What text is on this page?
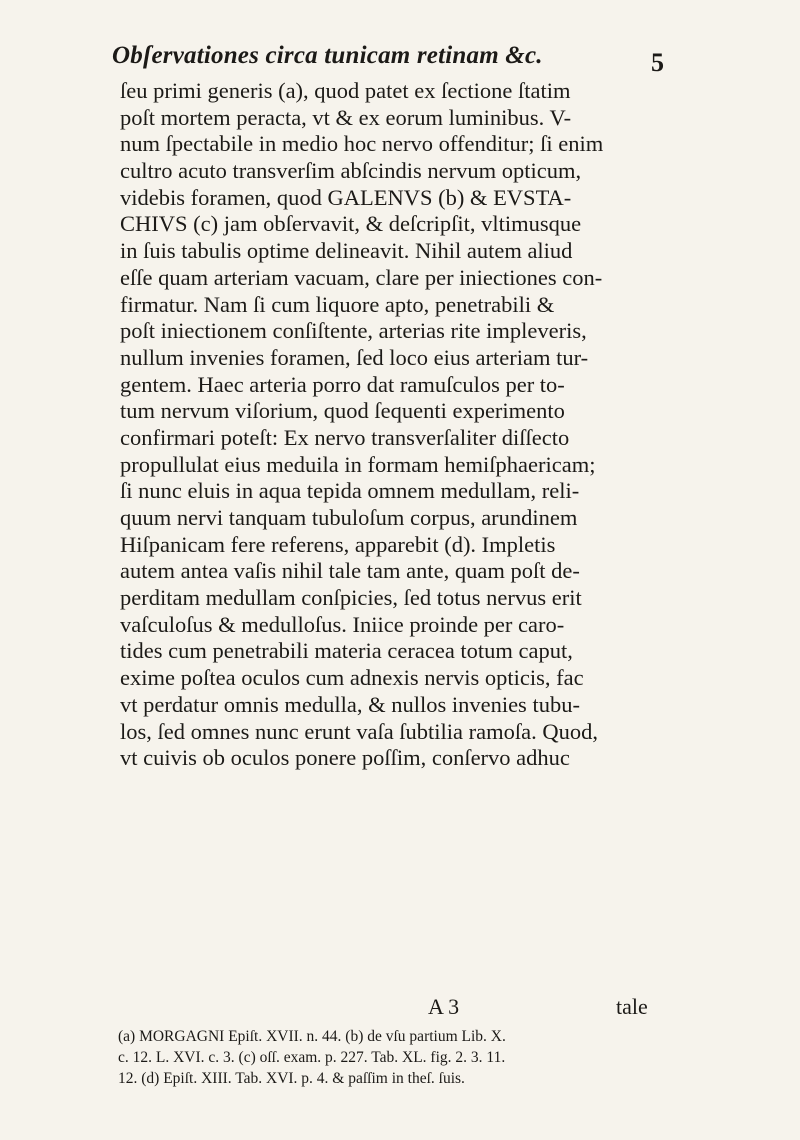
Obſervationes circa tunicam retinam &c.	5
ſeu primi generis (a), quod patet ex ſectione ſtatim
poſt mortem peracta, vt & ex eorum luminibus. V-
num ſpectabile in medio hoc nervo offenditur; ſi enim
cultro acuto transverſim abſcindis nervum opticum,
videbis foramen, quod GALENVS (b) & EVSTA-
CHIVS (c) jam obſervavit, & deſcripſit, vltimusque
in ſuis tabulis optime delineavit. Nihil autem aliud
eſſe quam arteriam vacuam, clare per iniectiones con-
firmatur. Nam ſi cum liquore apto, penetrabili &
poſt iniectionem conſiſtente, arterias rite impleveris,
nullum invenies foramen, ſed loco eius arteriam tur-
gentem. Haec arteria porro dat ramuſculos per to-
tum nervum viſorium, quod ſequenti experimento
confirmari poteſt: Ex nervo transverſaliter diſſecto
propullulat eius meduila in formam hemiſphaericam;
ſi nunc eluis in aqua tepida omnem medullam, reli-
quum nervi tanquam tubuloſum corpus, arundinem
Hiſpanicam fere referens, apparebit (d). Impletis
autem antea vaſis nihil tale tam ante, quam poſt de-
perditam medullam conſpicies, ſed totus nervus erit
vaſculoſus & medulloſus. Iniice proinde per caro-
tides cum penetrabili materia ceracea totum caput,
exime poſtea oculos cum adnexis nervis opticis, fac
vt perdatur omnis medulla, & nullos invenies tubu-
los, ſed omnes nunc erunt vaſa ſubtilia ramoſa. Quod,
vt cuivis ob oculos ponere poſſim, conſervo adhuc
A 3	tale
(a) MORGAGNI Epiſt. XVII. n. 44. (b) de vſu partium Lib. X.
c. 12. L. XVI. c. 3. (c) oſſ. exam. p. 227. Tab. XL. fig. 2. 3. 11.
12. (d) Epiſt. XIII. Tab. XVI. p. 4. & paſſim in theſ. ſuis.
